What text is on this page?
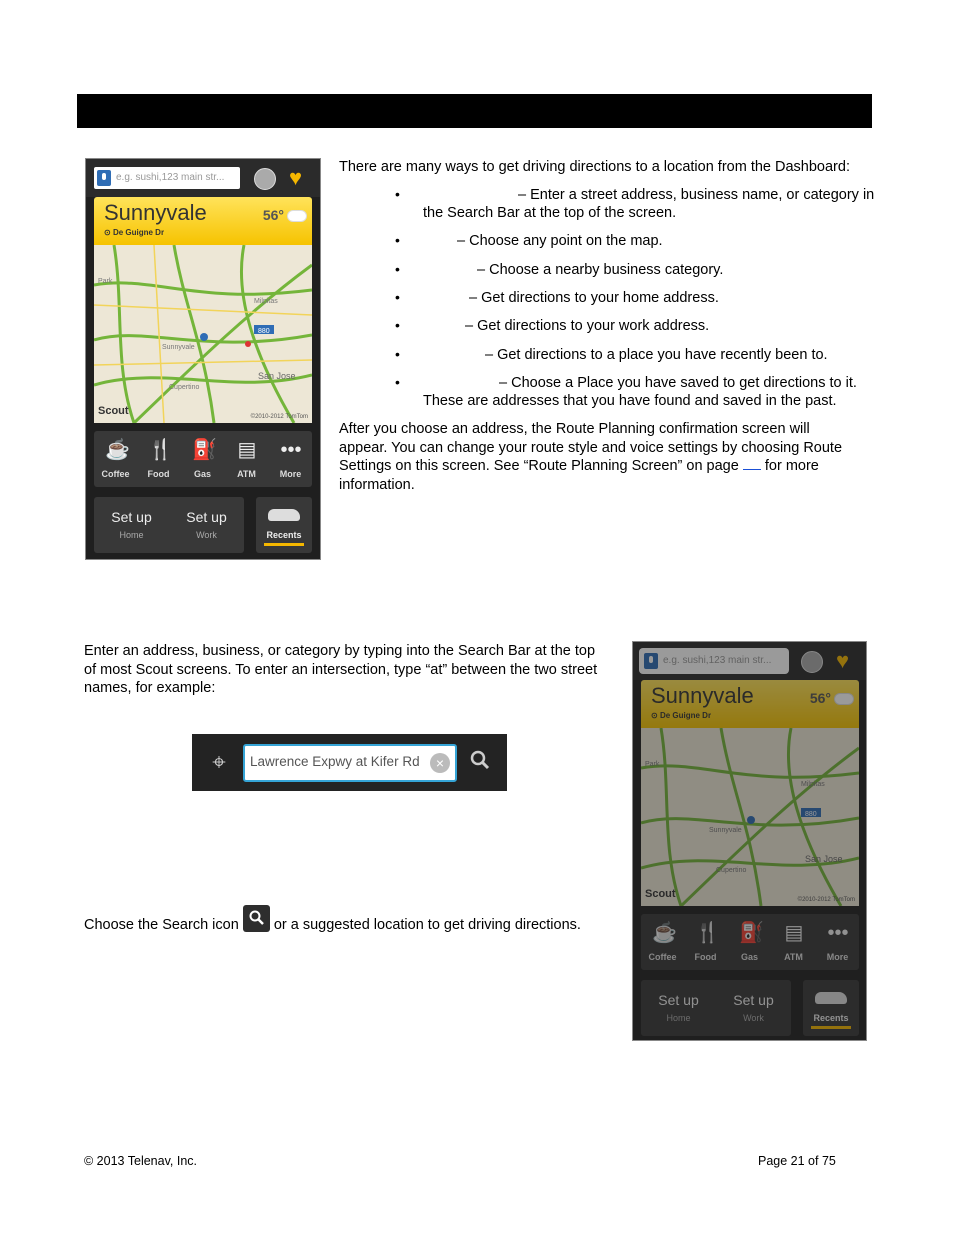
e.g. sushi,123 main str...	♥
Sunnyvale
⊙ De Guigne Dr
56°
Park
Milpitas
880
Sunnyvale
Cupertino
San Jose
Scout	©2010-2012 TomTom
☕
Coffee
🍴
Food
⛽
Gas
▤
ATM
•••
More
Set up
Home
Set up
Work	Recents
There are many ways to get driving directions to a location from the Dashboard:
•	– Enter a street address, business name, or category in
the Search Bar at the top of the screen.
•	– Choose any point on the map.
•	– Choose a nearby business category.
•	– Get directions to your home address.
•	– Get directions to your work address.
•	– Get directions to a place you have recently been to.
•	– Choose a Place you have saved to get directions to it.
These are addresses that you have found and saved in the past.
After you choose an address, the Route Planning confirmation screen will
appear. You can change your route style and voice settings by choosing Route
Settings on this screen. See “Route Planning Screen” on page  for more
information.
Enter an address, business, or category by typing into the Search Bar at the top
of most Scout screens. To enter an intersection, type “at” between the two street
names, for example:
⌖	Lawrence Expwy at Kifer Rd	×
Choose the Search icon
or a suggested location to get driving directions.
e.g. sushi,123 main str...	♥
Sunnyvale
⊙ De Guigne Dr
56°
Park
Milpitas
880
Sunnyvale
Cupertino
San Jose
Scout	©2010-2012 TomTom
☕
Coffee
🍴
Food
⛽
Gas
▤
ATM
•••
More
Set up
Home
Set up
Work	Recents
© 2013 Telenav, Inc.	Page 21 of 75
